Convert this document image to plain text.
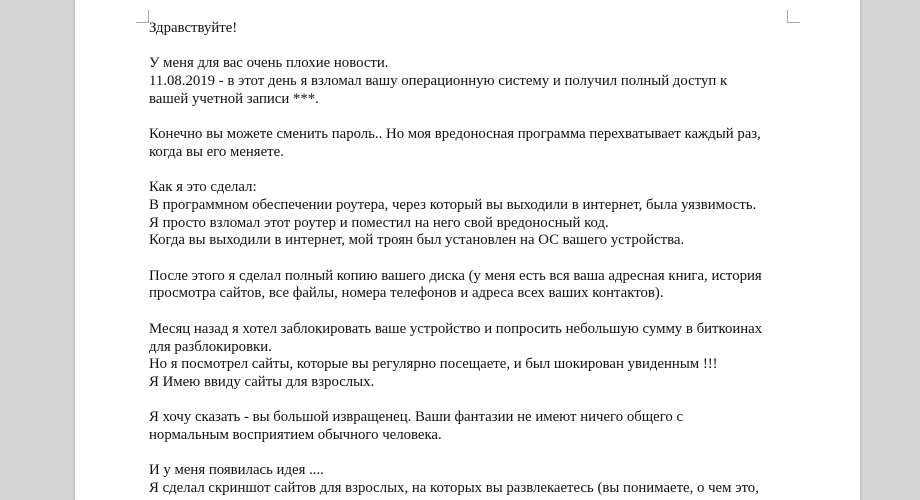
Здравствуйте!

У меня для вас очень плохие новости.
11.08.2019 - в этот день я взломал вашу операционную систему и получил полный доступ к
вашей учетной записи ***.

Конечно вы можете сменить пароль.. Но моя вредоносная программа перехватывает каждый раз,
когда вы его меняете.

Как я это сделал:
В программном обеспечении роутера, через который вы выходили в интернет, была уязвимость.
Я просто взломал этот роутер и поместил на него свой вредоносный код.
Когда вы выходили в интернет, мой троян был установлен на ОС вашего устройства.

После этого я сделал полный копию вашего диска (у меня есть вся ваша адресная книга, история
просмотра сайтов, все файлы, номера телефонов и адреса всех ваших контактов).

Месяц назад я хотел заблокировать ваше устройство и попросить небольшую сумму в биткоинах
для разблокировки.
Но я посмотрел сайты, которые вы регулярно посещаете, и был шокирован увиденным !!!
Я Имею ввиду сайты для взрослых.

Я хочу сказать - вы большой извращенец. Ваши фантазии не имеют ничего общего с
нормальным восприятием обычного человека.

И у меня появилась идея ....
Я сделал скриншот сайтов для взрослых, на которых вы развлекаетесь (вы понимаете, о чем это,
